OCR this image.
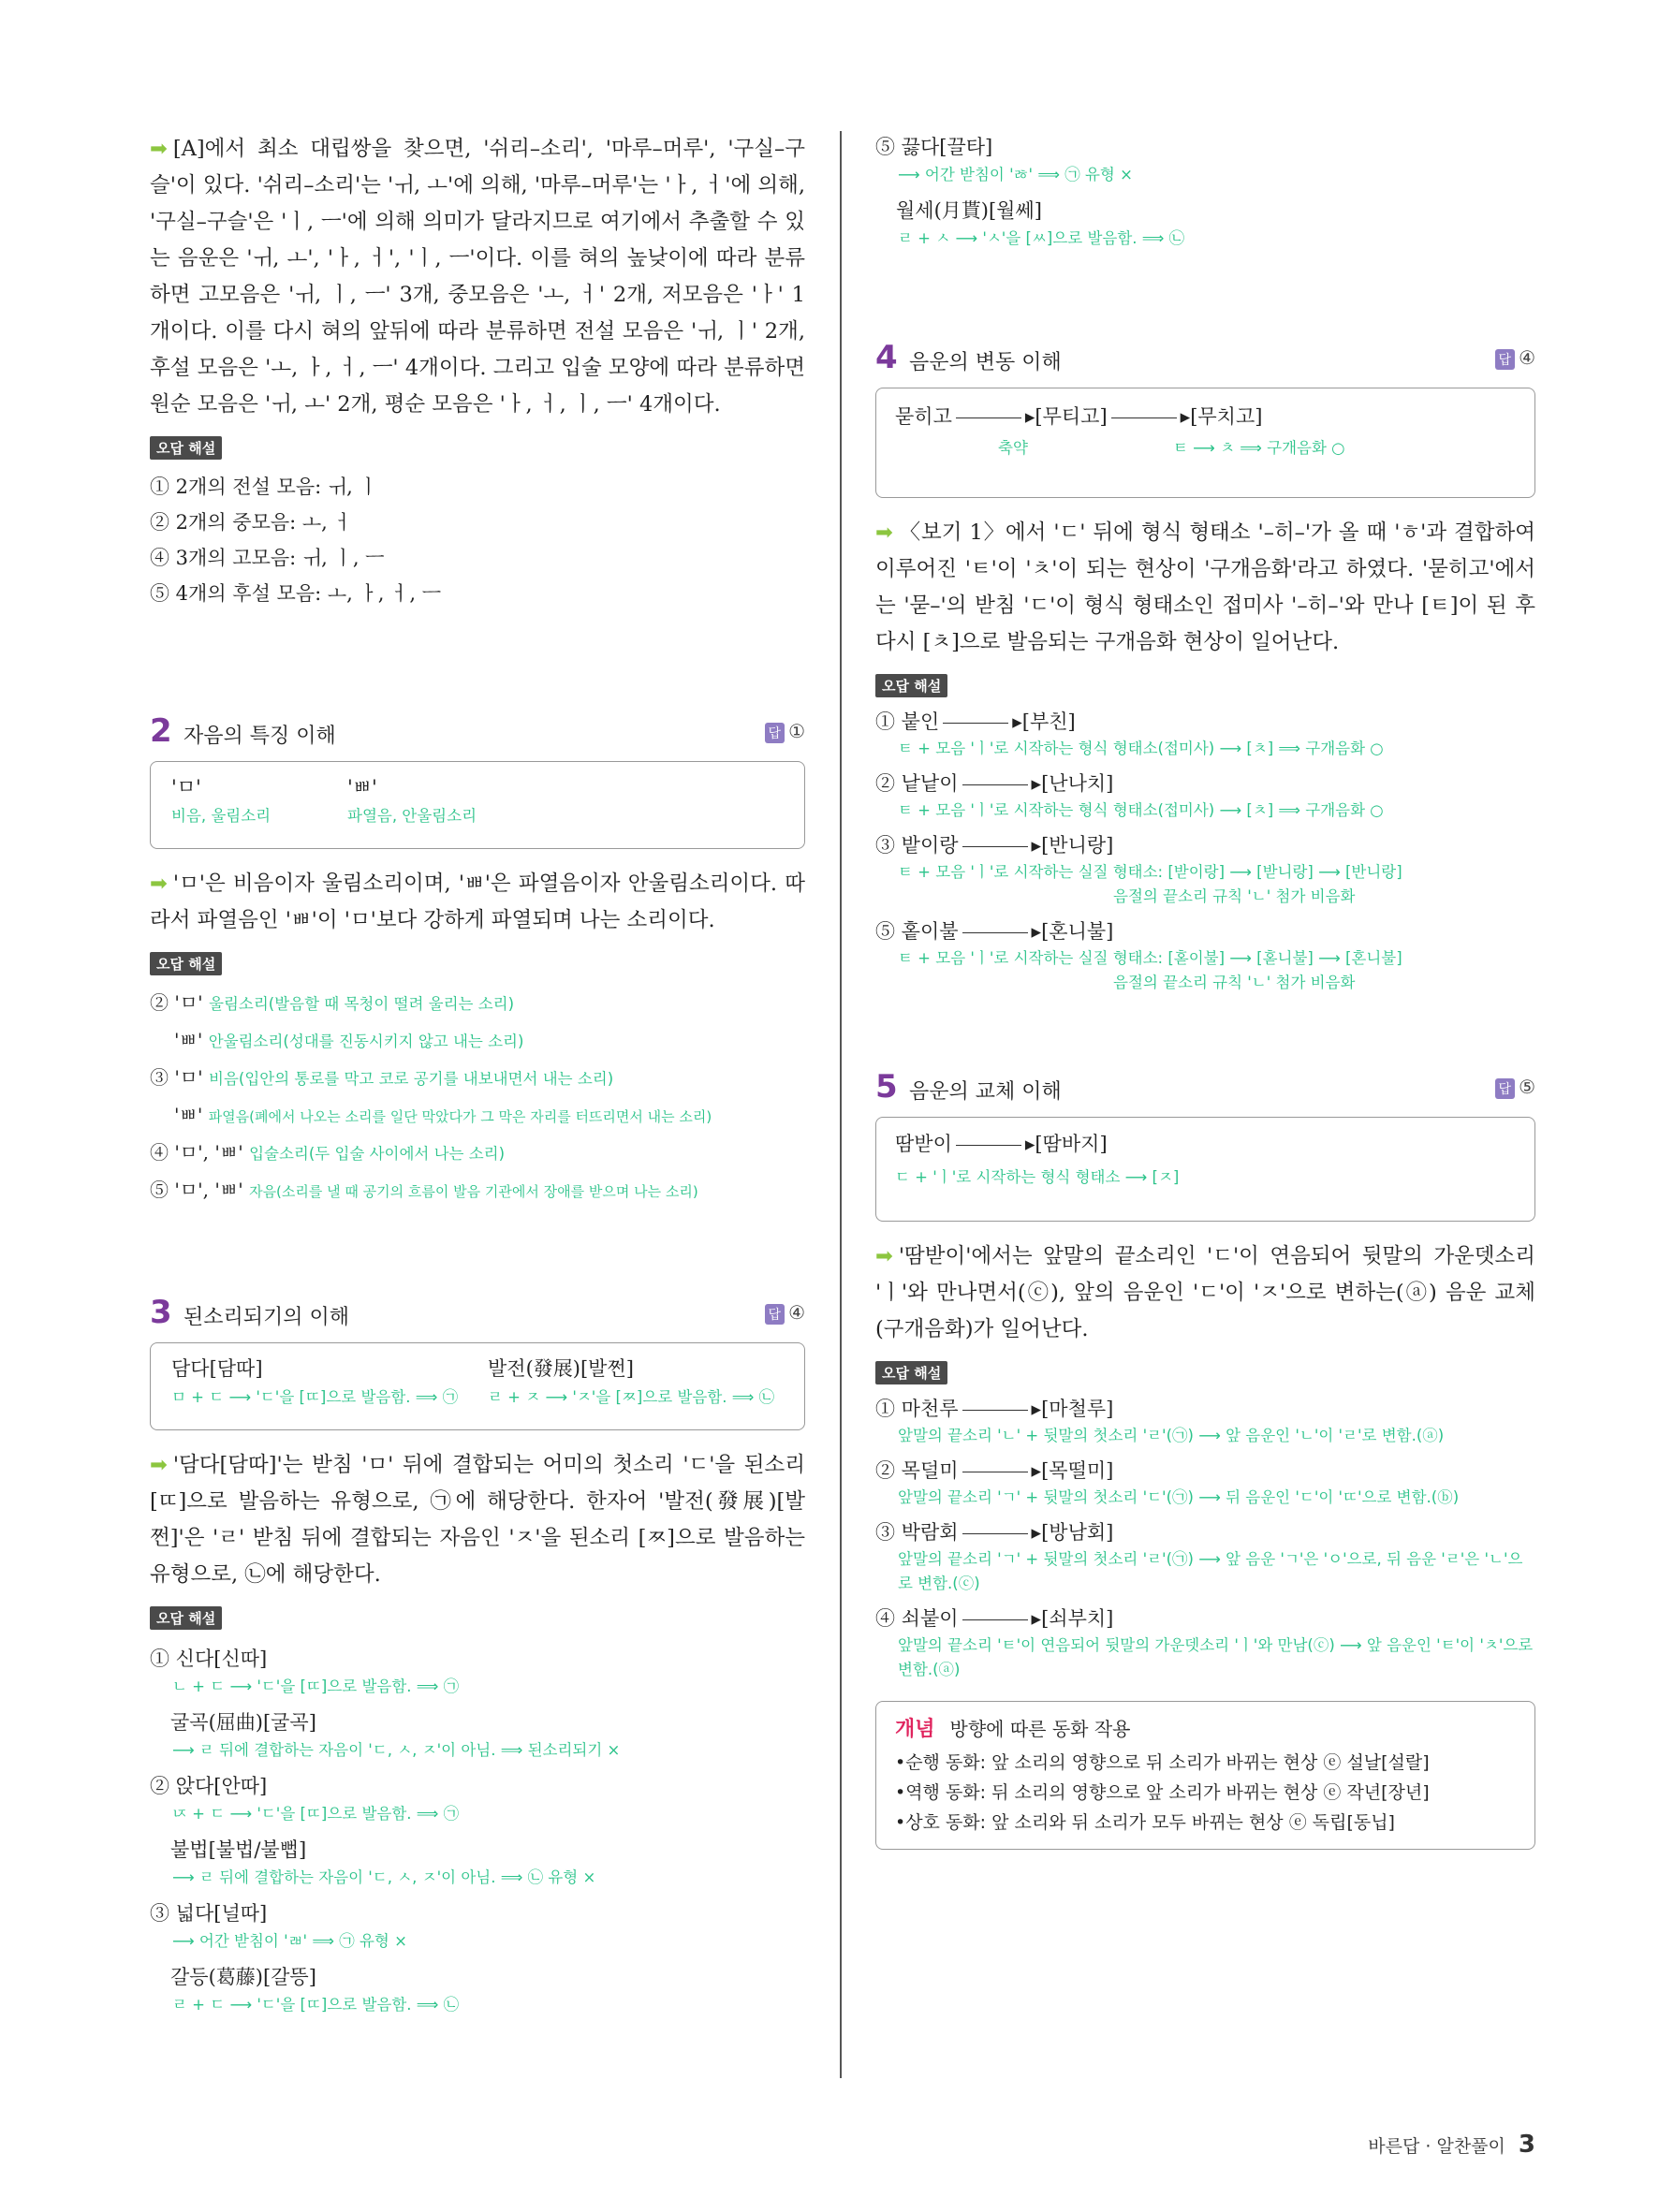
➡ [A]에서 최소 대립쌍을 찾으면, '쉬리–소리', '마루–머루', '구실–구슬'이 있다. '쉬리–소리'는 'ㅟ, ㅗ'에 의해, '마루–머루'는 'ㅏ, ㅓ'에 의해, '구실–구슬'은 'ㅣ, ㅡ'에 의해 의미가 달라지므로 여기에서 추출할 수 있는 음운은 'ㅟ, ㅗ', 'ㅏ, ㅓ', 'ㅣ, ㅡ'이다. 이를 혀의 높낮이에 따라 분류하면 고모음은 'ㅟ, ㅣ, ㅡ' 3개, 중모음은 'ㅗ, ㅓ' 2개, 저모음은 'ㅏ' 1개이다. 이를 다시 혀의 앞뒤에 따라 분류하면 전설 모음은 'ㅟ, ㅣ' 2개, 후설 모음은 'ㅗ, ㅏ, ㅓ, ㅡ' 4개이다. 그리고 입술 모양에 따라 분류하면 원순 모음은 'ㅟ, ㅗ' 2개, 평순 모음은 'ㅏ, ㅓ, ㅣ, ㅡ' 4개이다.

오답 해설

① 2개의 전설 모음: ㅟ, ㅣ

② 2개의 중모음: ㅗ, ㅓ

④ 3개의 고모음: ㅟ, ㅣ, ㅡ

⑤ 4개의 후설 모음: ㅗ, ㅏ, ㅓ, ㅡ

2 자음의 특징 이해	답 ①
'ㅁ'
비음, 울림소리
'ㅃ'
파열음, 안울림소리

➡ 'ㅁ'은 비음이자 울림소리이며, 'ㅃ'은 파열음이자 안울림소리이다. 따라서 파열음인 'ㅃ'이 'ㅁ'보다 강하게 파열되며 나는 소리이다.

오답 해설
② 'ㅁ' 울림소리(발음할 때 목청이 떨려 울리는 소리)
'ㅃ' 안울림소리(성대를 진동시키지 않고 내는 소리)
③ 'ㅁ' 비음(입안의 통로를 막고 코로 공기를 내보내면서 내는 소리)
'ㅃ' 파열음(폐에서 나오는 소리를 일단 막았다가 그 막은 자리를 터뜨리면서 내는 소리)
④ 'ㅁ', 'ㅃ' 입술소리(두 입술 사이에서 나는 소리)
⑤ 'ㅁ', 'ㅃ' 자음(소리를 낼 때 공기의 흐름이 발음 기관에서 장애를 받으며 나는 소리)
3 된소리되기의 이해	답 ④
담다[담따]
ㅁ + ㄷ ⟶ 'ㄷ'을 [ㄸ]으로 발음함. ⟹ ㉠
발전(發展)[발쩐]
ㄹ + ㅈ ⟶ 'ㅈ'을 [ㅉ]으로 발음함. ⟹ ㉡

➡ '담다[담따]'는 받침 'ㅁ' 뒤에 결합되는 어미의 첫소리 'ㄷ'을 된소리 [ㄸ]으로 발음하는 유형으로, ㉠에 해당한다. 한자어 '발전(發展)[발쩐]'은 'ㄹ' 받침 뒤에 결합되는 자음인 'ㅈ'을 된소리 [ㅉ]으로 발음하는 유형으로, ㉡에 해당한다.

오답 해설

① 신다[신따]

ㄴ + ㄷ ⟶ 'ㄷ'을 [ㄸ]으로 발음함. ⟹ ㉠

굴곡(屈曲)[굴곡]

⟶ ㄹ 뒤에 결합하는 자음이 'ㄷ, ㅅ, ㅈ'이 아님. ⟹ 된소리되기 ×

② 앉다[안따]

ㄵ + ㄷ ⟶ 'ㄷ'을 [ㄸ]으로 발음함. ⟹ ㉠

불법[불법/불뻡]

⟶ ㄹ 뒤에 결합하는 자음이 'ㄷ, ㅅ, ㅈ'이 아님. ⟹ ㉡ 유형 ×

③ 넓다[널따]

⟶ 어간 받침이 'ㄼ' ⟹ ㉠ 유형 ×

갈등(葛藤)[갈뜽]

ㄹ + ㄷ ⟶ 'ㄷ'을 [ㄸ]으로 발음함. ⟹ ㉡

⑤ 끓다[끌타]

⟶ 어간 받침이 'ㅀ' ⟹ ㉠ 유형 ×

월세(月貰)[월쎄]

ㄹ + ㅅ ⟶ 'ㅅ'을 [ㅆ]으로 발음함. ⟹ ㉡

4 음운의 변동 이해	답 ④
묻히고	▸[무티고]	▸[무치고]
축약	ㅌ ⟶ ㅊ ⟹ 구개음화 ○

➡ 〈보기 1〉에서 'ㄷ' 뒤에 형식 형태소 '–히–'가 올 때 'ㅎ'과 결합하여 이루어진 'ㅌ'이 'ㅊ'이 되는 현상이 '구개음화'라고 하였다. '묻히고'에서는 '묻–'의 받침 'ㄷ'이 형식 형태소인 접미사 '–히–'와 만나 [ㅌ]이 된 후 다시 [ㅊ]으로 발음되는 구개음화 현상이 일어난다.

오답 해설
① 붙인	▸[부친]

ㅌ + 모음 'ㅣ'로 시작하는 형식 형태소(접미사) ⟶ [ㅊ] ⟹ 구개음화 ○

② 낱낱이	▸[난나치]

ㅌ + 모음 'ㅣ'로 시작하는 형식 형태소(접미사) ⟶ [ㅊ] ⟹ 구개음화 ○

③ 밭이랑	▸[반니랑]

ㅌ + 모음 'ㅣ'로 시작하는 실질 형태소: [받이랑] ⟶ [받니랑] ⟶ [반니랑]

음절의 끝소리 규칙 'ㄴ' 첨가 비음화

⑤ 홑이불	▸[혼니불]

ㅌ + 모음 'ㅣ'로 시작하는 실질 형태소: [혿이불] ⟶ [혿니불] ⟶ [혼니불]

음절의 끝소리 규칙 'ㄴ' 첨가 비음화

5 음운의 교체 이해	답 ⑤
땀받이	▸[땀바지]
ㄷ + 'ㅣ'로 시작하는 형식 형태소 ⟶ [ㅈ]

➡ '땀받이'에서는 앞말의 끝소리인 'ㄷ'이 연음되어 뒷말의 가운뎃소리 'ㅣ'와 만나면서(ⓒ), 앞의 음운인 'ㄷ'이 'ㅈ'으로 변하는(ⓐ) 음운 교체(구개음화)가 일어난다.

오답 해설
① 마천루	▸[마철루]

앞말의 끝소리 'ㄴ' + 뒷말의 첫소리 'ㄹ'(㉠) ⟶ 앞 음운인 'ㄴ'이 'ㄹ'로 변함.(ⓐ)

② 목덜미	▸[목떨미]

앞말의 끝소리 'ㄱ' + 뒷말의 첫소리 'ㄷ'(㉠) ⟶ 뒤 음운인 'ㄷ'이 'ㄸ'으로 변함.(ⓑ)

③ 박람회	▸[방남회]

앞말의 끝소리 'ㄱ' + 뒷말의 첫소리 'ㄹ'(㉠) ⟶ 앞 음운 'ㄱ'은 'ㅇ'으로, 뒤 음운 'ㄹ'은 'ㄴ'으로 변함.(ⓒ)

④ 쇠붙이	▸[쇠부치]

앞말의 끝소리 'ㅌ'이 연음되어 뒷말의 가운뎃소리 'ㅣ'와 만남(ⓒ) ⟶ 앞 음운인 'ㅌ'이 'ㅊ'으로 변함.(ⓐ)

개념 방향에 따른 동화 작용
•순행 동화: 앞 소리의 영향으로 뒤 소리가 바뀌는 현상 ⓔ 설날[설랄]
•역행 동화: 뒤 소리의 영향으로 앞 소리가 바뀌는 현상 ⓔ 작년[장년]
•상호 동화: 앞 소리와 뒤 소리가 모두 바뀌는 현상 ⓔ 독립[동닙]
바른답 · 알찬풀이 3
